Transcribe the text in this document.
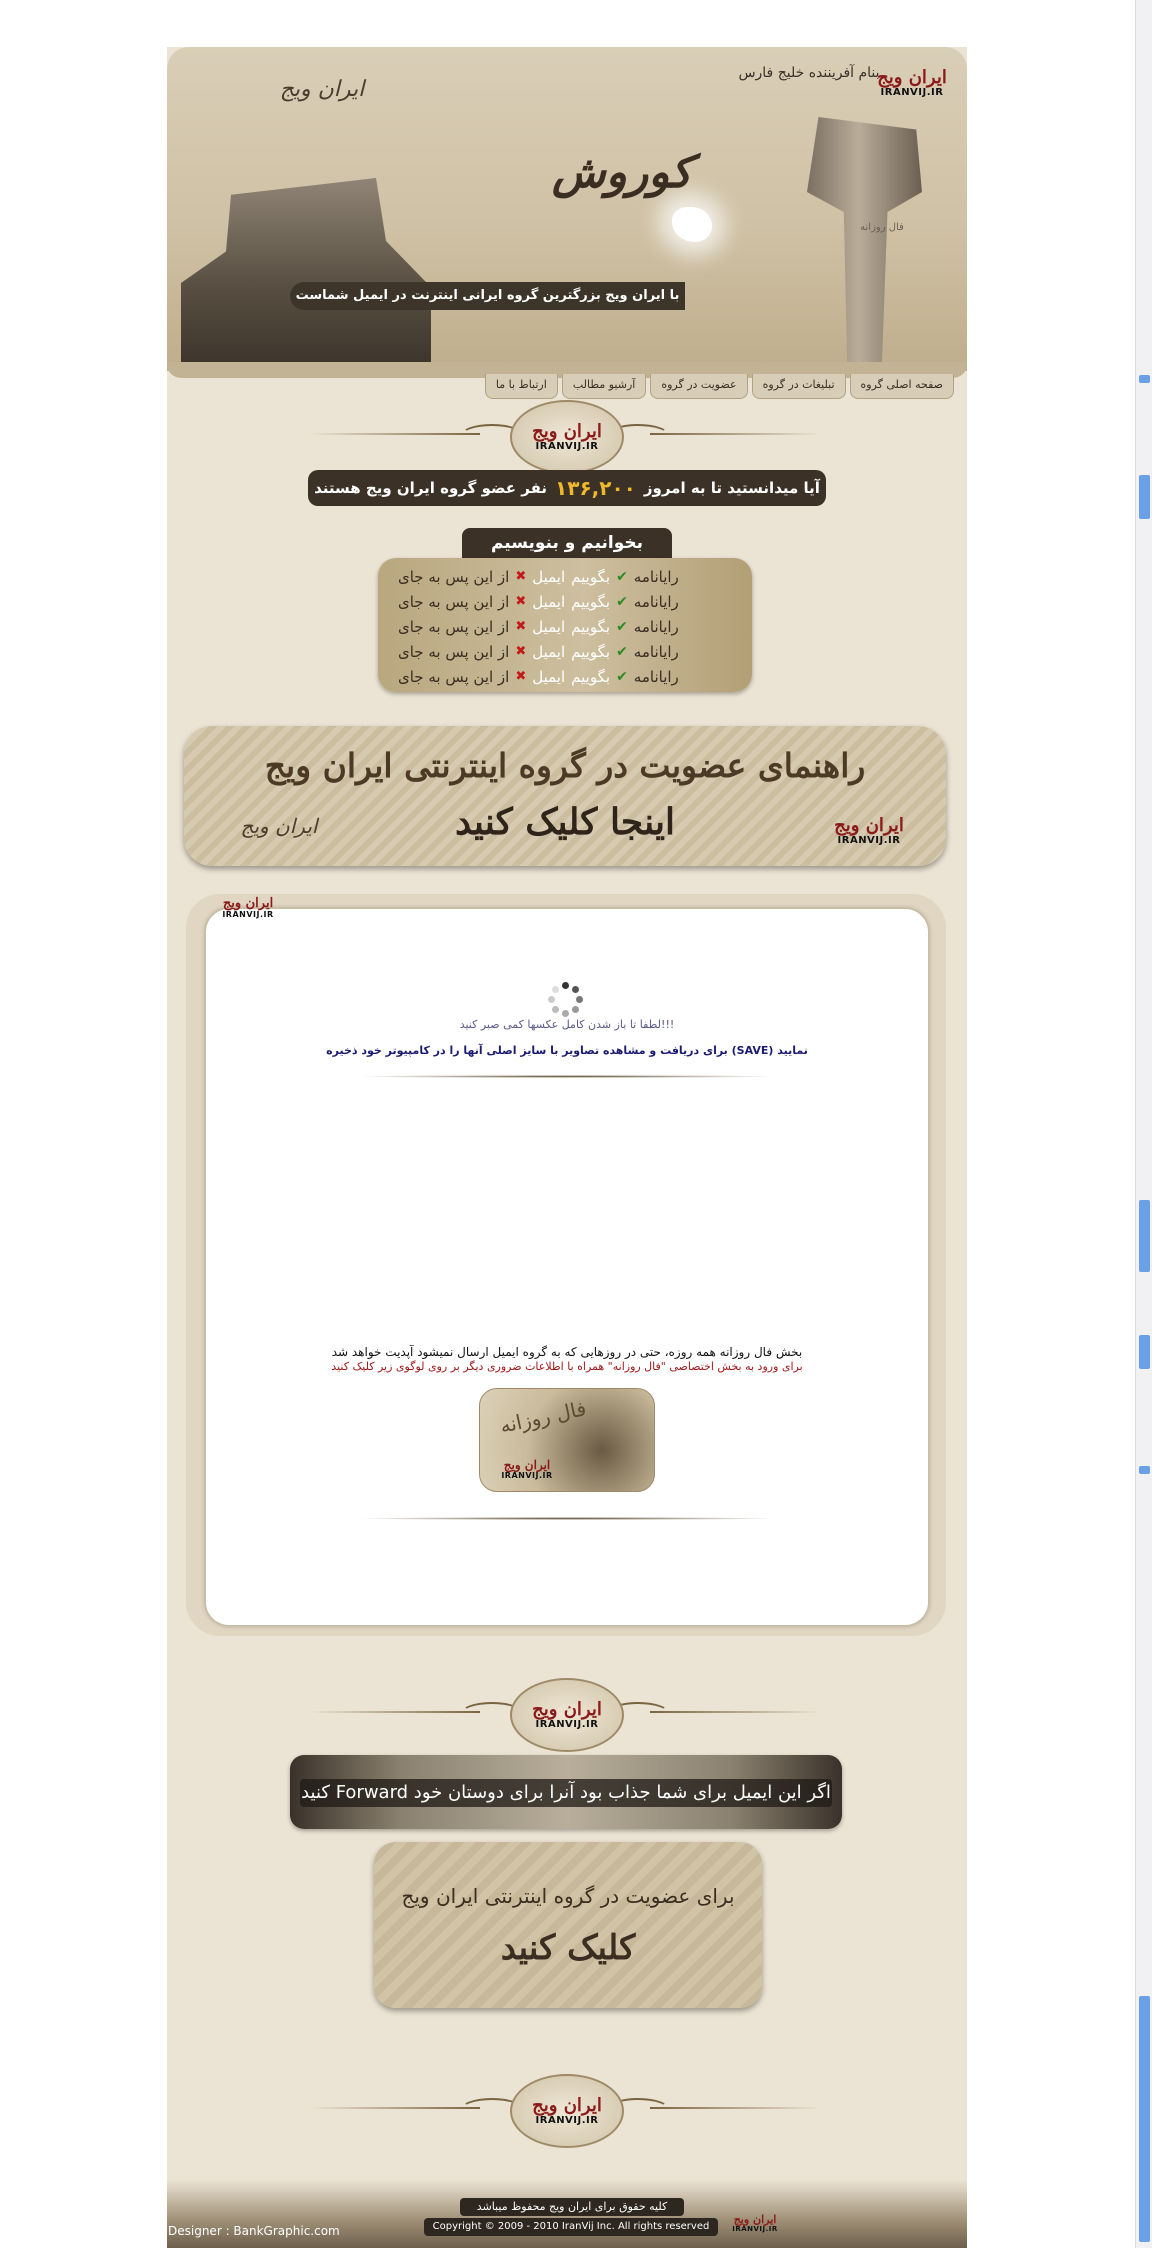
بنام آفریننده خلیج فارس
کوروش
ایران ویج
فال روزانه
ایران ویج
IRANVIJ.IR
با ایران ویج بزرگترین گروه ایرانی اینترنت در ایمیل شماست
صفحه اصلی گروه
تبلیغات در گروه
عضویت در گروه
آرشیو مطالب
ارتباط با ما
ایران ویج
IRANVIJ.IR
آیا میدانستید تا به امروز
۱۳۶,۲۰۰
نفر عضو گروه ایران ویج هستند
بخوانیم و بنویسیم
از این پس به جای ✖ ایمیل بگوییم ✔ رایانامه
از این پس به جای ✖ ایمیل بگوییم ✔ رایانامه
از این پس به جای ✖ ایمیل بگوییم ✔ رایانامه
از این پس به جای ✖ ایمیل بگوییم ✔ رایانامه
از این پس به جای ✖ ایمیل بگوییم ✔ رایانامه
راهنمای عضویت در گروه اینترنتی ایران ویج
اینجا کلیک کنید
ایران ویج	ایران ویج
IRANVIJ.IR
ایران ویج
IRANVIJ.IR
لطفا تا باز شدن کامل عکسها کمی صبر کنید!!!
برای دریافت و مشاهده تصاویر با سایز اصلی آنها را در کامپیوتر خود ذخیره (SAVE) نمایید
بخش فال روزانه همه روزه، حتی در روزهایی که به گروه ایمیل ارسال نمیشود آپدیت خواهد شد
برای ورود به بخش اختصاصی "فال روزانه" همراه با اطلاعات ضروری دیگر بر روی لوگوی زیر کلیک کنید
فال روزانه
ایران ویج
IRANVIJ.IR
ایران ویج
IRANVIJ.IR
اگر این ایمیل برای شما جذاب بود آنرا برای دوستان خود Forward کنید
برای عضویت در گروه اینترنتی ایران ویج
کلیک کنید
ایران ویج
IRANVIJ.IR
کلیه حقوق برای ایران ویج محفوظ میباشد
Copyright © 2009 - 2010 IranVij Inc. All rights reserved
Designer : BankGraphic.com
ایران ویج
IRANVIJ.IR
